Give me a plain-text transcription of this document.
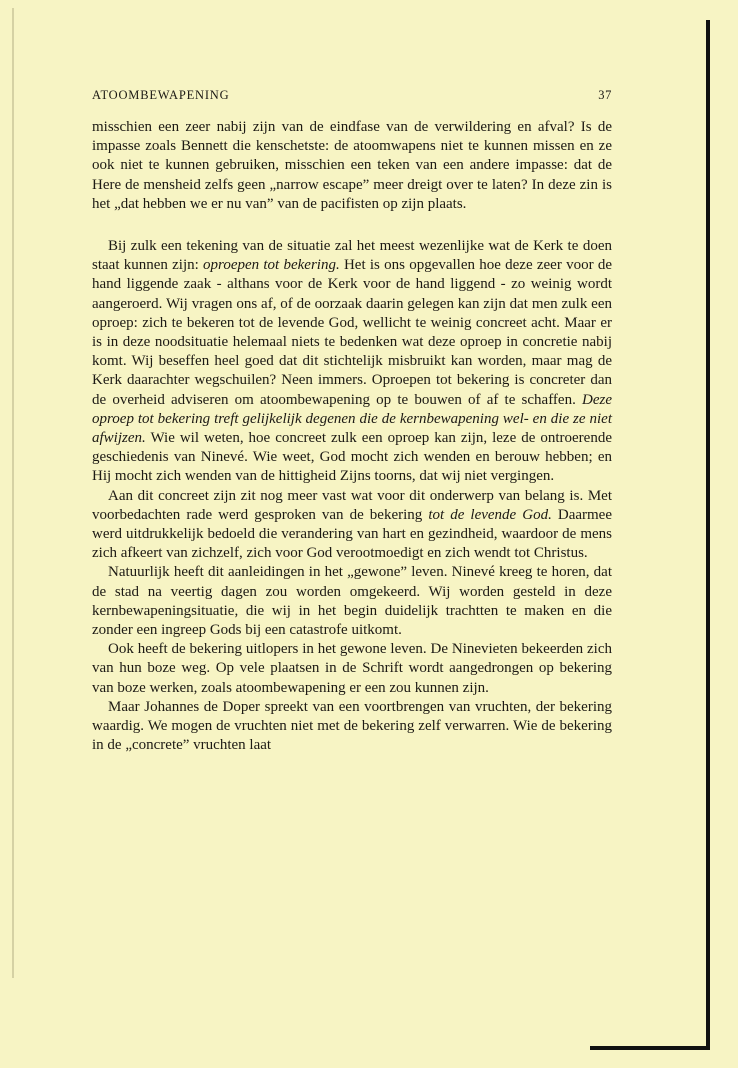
ATOOMBEWAPENING	37

misschien een zeer nabij zijn van de eindfase van de verwildering en afval? Is de impasse zoals Bennett die kenschetste: de atoomwapens niet te kunnen missen en ze ook niet te kunnen gebruiken, misschien een teken van een andere impasse: dat de Here de mensheid zelfs geen „narrow escape” meer dreigt over te laten? In deze zin is het „dat hebben we er nu van” van de pacifisten op zijn plaats.

Bij zulk een tekening van de situatie zal het meest wezenlijke wat de Kerk te doen staat kunnen zijn: oproepen tot bekering. Het is ons opgevallen hoe deze zeer voor de hand liggende zaak - althans voor de Kerk voor de hand liggend - zo weinig wordt aangeroerd. Wij vragen ons af, of de oorzaak daarin gelegen kan zijn dat men zulk een oproep: zich te bekeren tot de levende God, wellicht te weinig concreet acht. Maar er is in deze noodsituatie helemaal niets te bedenken wat deze oproep in concretie nabij komt. Wij beseffen heel goed dat dit stichtelijk misbruikt kan worden, maar mag de Kerk daarachter wegschuilen? Neen immers. Oproepen tot bekering is concreter dan de overheid adviseren om atoombewapening op te bouwen of af te schaffen. Deze oproep tot bekering treft gelijkelijk degenen die de kernbewapening wel- en die ze niet afwijzen. Wie wil weten, hoe concreet zulk een oproep kan zijn, leze de ontroerende geschiedenis van Ninevé. Wie weet, God mocht zich wenden en berouw hebben; en Hij mocht zich wenden van de hittigheid Zijns toorns, dat wij niet vergingen.

Aan dit concreet zijn zit nog meer vast wat voor dit onderwerp van belang is. Met voorbedachten rade werd gesproken van de bekering tot de levende God. Daarmee werd uitdrukkelijk bedoeld die verandering van hart en gezindheid, waardoor de mens zich afkeert van zichzelf, zich voor God verootmoedigt en zich wendt tot Christus.

Natuurlijk heeft dit aanleidingen in het „gewone” leven. Ninevé kreeg te horen, dat de stad na veertig dagen zou worden omgekeerd. Wij worden gesteld in deze kernbewapeningsituatie, die wij in het begin duidelijk trachtten te maken en die zonder een ingreep Gods bij een catastrofe uitkomt.

Ook heeft de bekering uitlopers in het gewone leven. De Ninevieten bekeerden zich van hun boze weg. Op vele plaatsen in de Schrift wordt aangedrongen op bekering van boze werken, zoals atoombewapening er een zou kunnen zijn.

Maar Johannes de Doper spreekt van een voortbrengen van vruchten, der bekering waardig. We mogen de vruchten niet met de bekering zelf verwarren. Wie de bekering in de „concrete” vruchten laat
